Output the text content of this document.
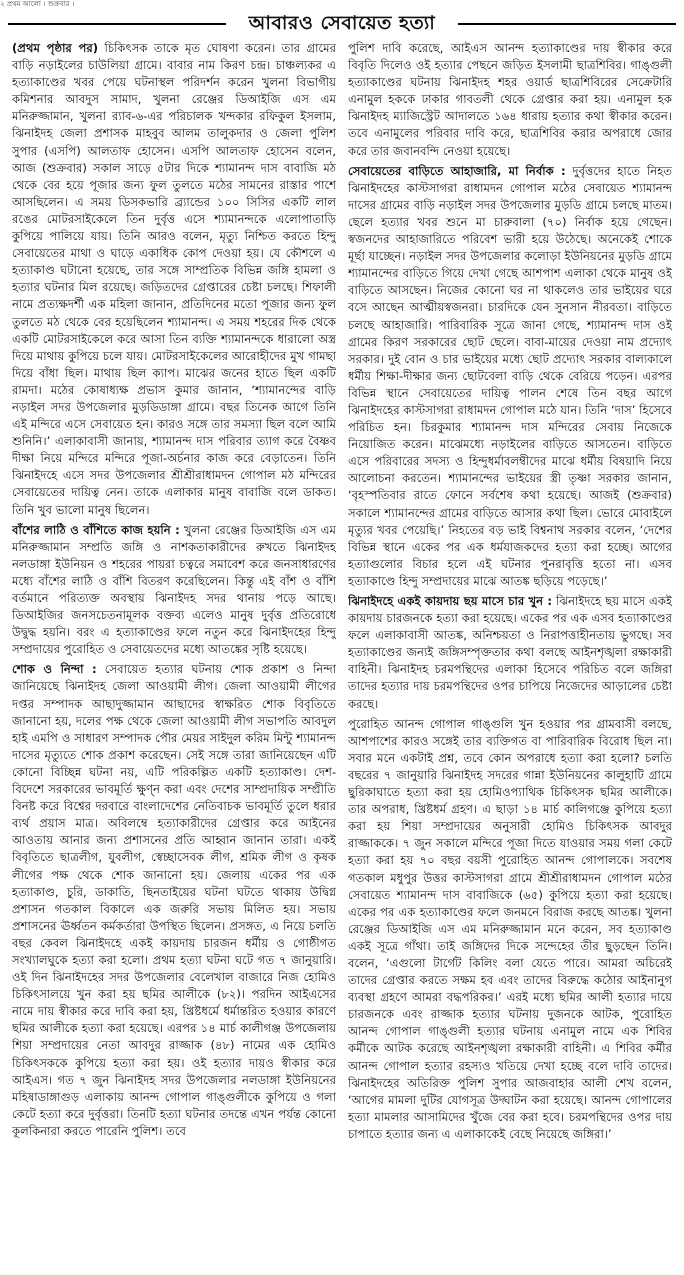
২ প্রথম আলো । শুক্রবার ।
আবারও সেবায়েত হত্যা

(প্রথম পৃষ্ঠার পর) চিকিৎসক তাকে মৃত ঘোষণা করেন। তার গ্রামের বাড়ি নড়াইলের চাউলিয়া গ্রামে। বাবার নাম কিরণ চন্দ্র। চাঞ্চল্যকর এ হত্যাকাণ্ডের খবর পেয়ে ঘটনাস্থল পরিদর্শন করেন খুলনা বিভাগীয় কমিশনার আবদুস সামাদ, খুলনা রেঞ্জের ডিআইজি এস এম মনিরুজ্জামান, খুলনা র‌্যাব-৬-এর পরিচালক খন্দকার রফিকুল ইসলাম, ঝিনাইদহ জেলা প্রশাসক মাহবুব আলম তালুকদার ও জেলা পুলিশ সুপার (এসপি) আলতাফ হোসেন। এসপি আলতাফ হোসেন বলেন, আজ (শুক্রবার) সকাল সাড়ে ৫টার দিকে শ্যামানন্দ দাস বাবাজি মঠ থেকে বের হয়ে পূজার জন্য ফুল তুলতে মঠের সামনের রাস্তার পাশে আসছিলেন। এ সময় ডিসকভারি ব্র্যান্ডের ১০০ সিসির একটি লাল রঙের মোটরসাইকেলে তিন দুর্বৃত্ত এসে শ্যামানন্দকে এলোপাতাড়ি কুপিয়ে পালিয়ে যায়। তিনি আরও বলেন, মৃত্যু নিশ্চিত করতে হিন্দু সেবায়েতের মাথা ও ঘাড়ে একাধিক কোপ দেওয়া হয়। যে কৌশলে এ হত্যাকাণ্ড ঘটানো হয়েছে, তার সঙ্গে সাম্প্রতিক বিভিন্ন জঙ্গি হামলা ও হত্যার ঘটনার মিল রয়েছে। জড়িতদের গ্রেপ্তারের চেষ্টা চলছে। শিফালী নামে প্রত্যক্ষদর্শী এক মহিলা জানান, প্রতিদিনের মতো পূজার জন্য ফুল তুলতে মঠ থেকে বের হয়েছিলেন শ্যামানন্দ। এ সময় শহরের দিক থেকে একটি মোটরসাইকেলে করে আসা তিন ব্যক্তি শ্যামানন্দকে ধারালো অস্ত্র দিয়ে মাথায় কুপিয়ে চলে যায়। মোটরসাইকেলের আরোহীদের মুখ গামছা দিয়ে বাঁধা ছিল। মাথায় ছিল ক্যাপ। মাঝের জনের হাতে ছিল একটি রামদা। মঠের কোষাধ্যক্ষ প্রভাস কুমার জানান, ‘শ্যামানন্দের বাড়ি নড়াইল সদর উপজেলার মুড়ডিডাঙ্গা গ্রামে। বছর তিনেক আগে তিনি এই মন্দিরে এসে সেবায়েত হন। কারও সঙ্গে তার সমস্যা ছিল বলে আমি শুনিনি।’ এলাকাবাসী জানায়, শ্যামানন্দ দাস পরিবার ত্যাগ করে বৈষ্ণব দীক্ষা নিয়ে মন্দিরে মন্দিরে পূজা-অর্চনার কাজ করে বেড়াতেন। তিনি ঝিনাইদহে এসে সদর উপজেলার শ্রীশ্রীরাধামদন গোপাল মঠ মন্দিরের সেবায়েতের দায়িত্ব নেন। তাকে এলাকার মানুষ বাবাজি বলে ডাকত। তিনি খুব ভালো মানুষ ছিলেন।

বাঁশের লাঠি ও বাঁশিতে কাজ হয়নি : খুলনা রেঞ্জের ডিআইজি এস এম মনিরুজ্জামান সম্প্রতি জঙ্গি ও নাশকতাকারীদের রুখতে ঝিনাইদহ নলডাঙ্গা ইউনিয়ন ও শহরের পায়রা চত্বরে সমাবেশ করে জনসাধারণের মধ্যে বাঁশের লাঠি ও বাঁশি বিতরণ করেছিলেন। কিন্তু এই বাঁশ ও বাঁশি বর্তমানে পরিত্যক্ত অবস্থায় ঝিনাইদহ সদর থানায় পড়ে আছে। ডিআইজির জনসচেতনামূলক বক্তব্য এলেও মানুষ দুর্বৃত্ত প্রতিরোধে উদ্বুদ্ধ হয়নি। বরং এ হত্যাকাণ্ডের ফলে নতুন করে ঝিনাইদহের হিন্দু সম্প্রদায়ের পুরোহিত ও সেবায়েতদের মধ্যে আতঙ্কের সৃষ্টি হয়েছে।

শোক ও নিন্দা : সেবায়েত হত্যার ঘটনায় শোক প্রকাশ ও নিন্দা জানিয়েছে ঝিনাইদহ জেলা আওয়ামী লীগ। জেলা আওয়ামী লীগের দপ্তর সম্পাদক আছাদুজ্জামান আছাদের স্বাক্ষরিত শোক বিবৃতিতে জানানো হয়, দলের পক্ষ থেকে জেলা আওয়ামী লীগ সভাপতি আবদুল হাই এমপি ও সাধারণ সম্পাদক পৌর মেয়র সাইদুল করিম মিন্টু শ্যামানন্দ দাসের মৃত্যুতে শোক প্রকাশ করেছেন। সেই সঙ্গে তারা জানিয়েছেন এটি কোনো বিচ্ছিন্ন ঘটনা নয়, এটি পরিকল্পিত একটি হত্যাকাণ্ড। দেশ-বিদেশে সরকারের ভাবমূর্তি ক্ষুণ্ন করা এবং দেশের সাম্প্রদায়িক সম্প্রীতি বিনষ্ট করে বিশ্বের দরবারে বাংলাদেশের নেতিবাচক ভাবমূর্তি তুলে ধরার ব্যর্থ প্রয়াস মাত্র। অবিলম্বে হত্যাকারীদের গ্রেপ্তার করে আইনের আওতায় আনার জন্য প্রশাসনের প্রতি আহ্বান জানান তারা। একই বিবৃতিতে ছাত্রলীগ, যুবলীগ, স্বেচ্ছাসেবক লীগ, শ্রমিক লীগ ও কৃষক লীগের পক্ষ থেকে শোক জানানো হয়। জেলায় একের পর এক হত্যাকাণ্ড, চুরি, ডাকাতি, ছিনতাইয়ের ঘটনা ঘটতে থাকায় উদ্বিগ্ন প্রশাসন গতকাল বিকালে এক জরুরি সভায় মিলিত হয়। সভায় প্রশাসনের ঊর্ধ্বতন কর্মকর্তারা উপস্থিত ছিলেন। প্রসঙ্গত, এ নিয়ে চলতি বছর কেবল ঝিনাইদহে একই কায়দায় চারজন ধর্মীয় ও গোষ্ঠীগত সংখ্যালঘুকে হত্যা করা হলো। প্রথম হত্যা ঘটনা ঘটে গত ৭ জানুয়ারি। ওই দিন ঝিনাইদহের সদর উপজেলার বেলেখাল বাজারে নিজ হোমিও চিকিৎসালয়ে খুন করা হয় ছমির আলীকে (৮২)। পরদিন আইএসের নামে দায় স্বীকার করে দাবি করা হয়, খ্রিষ্টধর্মে ধর্মান্তরিত হওয়ার কারণে ছমির আলীকে হত্যা করা হয়েছে। এরপর ১৪ মার্চ কালীগঞ্জ উপজেলায় শিয়া সম্প্রদায়ের নেতা আবদুর রাজ্জাক (৪৮) নামের এক হোমিও চিকিৎসককে কুপিয়ে হত্যা করা হয়। ওই হত্যার দায়ও স্বীকার করে আইএস। গত ৭ জুন ঝিনাইদহ সদর উপজেলার নলডাঙ্গা ইউনিয়নের মহিষাডাঙ্গাগুড় এলাকায় আনন্দ গোপাল গাঙ্গুলীকে কুপিয়ে ও গলা কেটে হত্যা করে দুর্বৃত্তরা। তিনটি হত্যা ঘটনার তদন্তে এখন পর্যন্ত কোনো কূলকিনারা করতে পারেনি পুলিশ। তবে

পুলিশ দাবি করেছে, আইএস আনন্দ হত্যাকাণ্ডের দায় স্বীকার করে বিবৃতি দিলেও ওই হত্যার পেছনে জড়িত ইসলামী ছাত্রশিবির। গাঙ্গুলী হত্যাকাণ্ডের ঘটনায় ঝিনাইদহ শহর ওয়ার্ড ছাত্রশিবিরের সেক্রেটারি এনামুল হককে ঢাকার গাবতলী থেকে গ্রেপ্তার করা হয়। এনামুল হক ঝিনাইদহ ম্যাজিস্ট্রেট আদালতে ১৬৪ ধারায় হত্যার কথা স্বীকার করেন। তবে এনামুলের পরিবার দাবি করে, ছাত্রশিবির করার অপরাধে জোর করে তার জবানবন্দি নেওয়া হয়েছে।

সেবায়েতের বাড়িতে আহাজারি, মা নির্বাক : দুর্বৃত্তদের হাতে নিহত ঝিনাইদহের কাস্টসাগরা রাধামদন গোপাল মঠের সেবায়েত শ্যামানন্দ দাসের গ্রামের বাড়ি নড়াইল সদর উপজেলার মুড়ডি গ্রামে চলছে মাতম। ছেলে হত্যার খবর শুনে মা চারুবালা (৭০) নির্বাক হয়ে গেছেন। স্বজনদের আহাজারিতে পরিবেশ ভারী হয়ে উঠেছে। অনেকেই শোকে মূর্ছা যাচ্ছেন। নড়াইল সদর উপজেলার কলোড়া ইউনিয়নের মুড়ডি গ্রামে শ্যামানন্দের বাড়িতে গিয়ে দেখা গেছে আশপাশ এলাকা থেকে মানুষ ওই বাড়িতে আসছেন। নিজের কোনো ঘর না থাকলেও তার ভাইয়ের ঘরে বসে আছেন আত্মীয়স্বজনরা। চারদিকে যেন সুনসান নীরবতা। বাড়িতে চলছে আহাজারি। পারিবারিক সূত্রে জানা গেছে, শ্যামানন্দ দাস ওই গ্রামের কিরণ সরকারের ছোট ছেলে। বাবা-মায়ের দেওয়া নাম প্রদ্যোৎ সরকার। দুই বোন ও চার ভাইয়ের মধ্যে ছোট প্রদ্যোৎ সরকার বাল্যকালে ধর্মীয় শিক্ষা-দীক্ষার জন্য ছোটবেলা বাড়ি থেকে বেরিয়ে পড়েন। এরপর বিভিন্ন স্থানে সেবায়েতের দায়িত্ব পালন শেষে তিন বছর আগে ঝিনাইদহের কাস্টসাগরা রাধামদন গোপাল মঠে যান। তিনি ‘দাস’ হিসেবে পরিচিত হন। চিরকুমার শ্যামানন্দ দাস মন্দিরের সেবায় নিজেকে নিয়োজিত করেন। মাঝেমধ্যে নড়াইলের বাড়িতে আসতেন। বাড়িতে এসে পরিবারের সদস্য ও হিন্দুধর্মাবলম্বীদের মাঝে ধর্মীয় বিষয়াদি নিয়ে আলোচনা করতেন। শ্যামানন্দের ভাইয়ের স্ত্রী তৃষ্ণা সরকার জানান, ‘বৃহস্পতিবার রাতে ফোনে সর্বশেষ কথা হয়েছে। আজই (শুক্রবার) সকালে শ্যামানন্দের গ্রামের বাড়িতে আসার কথা ছিল। ভোরে মোবাইলে মৃত্যুর খবর পেয়েছি।’ নিহতের বড় ভাই বিশ্বনাথ সরকার বলেন, ‘দেশের বিভিন্ন স্থানে একের পর এক ধর্মযাজকদের হত্যা করা হচ্ছে। আগের হত্যাগুলোর বিচার হলে এই ঘটনার পুনরাবৃত্তি হতো না। এসব হত্যাকাণ্ডে হিন্দু সম্প্রদায়ের মাঝে আতঙ্ক ছড়িয়ে পড়েছে।’

ঝিনাইদহে একই কায়দায় ছয় মাসে চার খুন : ঝিনাইদহে ছয় মাসে একই কায়দায় চারজনকে হত্যা করা হয়েছে। একের পর এক এসব হত্যাকাণ্ডের ফলে এলাকাবাসী আতঙ্ক, অনিশ্চয়তা ও নিরাপত্তাহীনতায় ভুগছে। সব হত্যাকাণ্ডের জন্যই জঙ্গিসম্পৃক্ততার কথা বলছে আইনশৃঙ্খলা রক্ষাকারী বাহিনী। ঝিনাইদহ চরমপন্থিদের এলাকা হিসেবে পরিচিত বলে জঙ্গিরা তাদের হত্যার দায় চরমপন্থিদের ওপর চাপিয়ে নিজেদের আড়ালের চেষ্টা করছে।

পুরোহিত আনন্দ গোপাল গাঙ্গুলি খুন হওয়ার পর গ্রামবাসী বলছে, আশপাশের কারও সঙ্গেই তার ব্যক্তিগত বা পারিবারিক বিরোধ ছিল না। সবার মনে একটাই প্রশ্ন, তবে কোন অপরাধে হত্যা করা হলো? চলতি বছরের ৭ জানুয়ারি ঝিনাইদহ সদরের গান্না ইউনিয়নের কালুহাটি গ্রামে ছুরিকাঘাতে হত্যা করা হয় হোমিওপ্যাথিক চিকিৎসক ছমির আলীকে। তার অপরাধ, খ্রিষ্টধর্ম গ্রহণ। এ ছাড়া ১৪ মার্চ কালিগঞ্জে কুপিয়ে হত্যা করা হয় শিয়া সম্প্রদায়ের অনুসারী হোমিও চিকিৎসক আবদুর রাজ্জাককে। ৭ জুন সকালে মন্দিরে পূজা দিতে যাওয়ার সময় গলা কেটে হত্যা করা হয় ৭০ বছর বয়সী পুরোহিত আনন্দ গোপালকে। সবশেষ গতকাল মধুপুর উত্তর কাস্টসাগরা গ্রামে শ্রীশ্রীরাধামদন গোপাল মঠের সেবায়েত শ্যামানন্দ দাস বাবাজিকে (৬৫) কুপিয়ে হত্যা করা হয়েছে। একের পর এক হত্যাকাণ্ডের ফলে জনমনে বিরাজ করছে আতঙ্ক। খুলনা রেঞ্জের ডিআইজি এস এম মনিরুজ্জামান মনে করেন, সব হত্যাকাণ্ড একই সূত্রে গাঁথা। তাই জঙ্গিদের দিকে সন্দেহের তীর ছুড়ছেন তিনি। বলেন, ‘এগুলো টার্গেট কিলিং বলা যেতে পারে। আমরা অচিরেই তাদের গ্রেপ্তার করতে সক্ষম হব এবং তাদের বিরুদ্ধে কঠোর আইনানুগ ব্যবস্থা গ্রহণে আমরা বদ্ধপরিকর।’ এরই মধ্যে ছমির আলী হত্যার দায়ে চারজনকে এবং রাজ্জাক হত্যার ঘটনায় দুজনকে আটক, পুরোহিত আনন্দ গোপাল গাঙ্গুলী হত্যার ঘটনায় এনামুল নামে এক শিবির কর্মীকে আটক করেছে আইনশৃঙ্খলা রক্ষাকারী বাহিনী। এ শিবির কর্মীর আনন্দ গোপাল হত্যার রহস্যও খতিয়ে দেখা হচ্ছে বলে দাবি তাদের। ঝিনাইদহের অতিরিক্ত পুলিশ সুপার আজবাহার আলী শেখ বলেন, ‘আগের মামলা দুটির যোগসূত্র উদ্ঘাটন করা হয়েছে। আনন্দ গোপালের হত্যা মামলার আসামিদের খুঁজে বের করা হবে। চরমপন্থিদের ওপর দায় চাপাতে হত্যার জন্য এ এলাকাকেই বেছে নিয়েছে জঙ্গিরা।’
